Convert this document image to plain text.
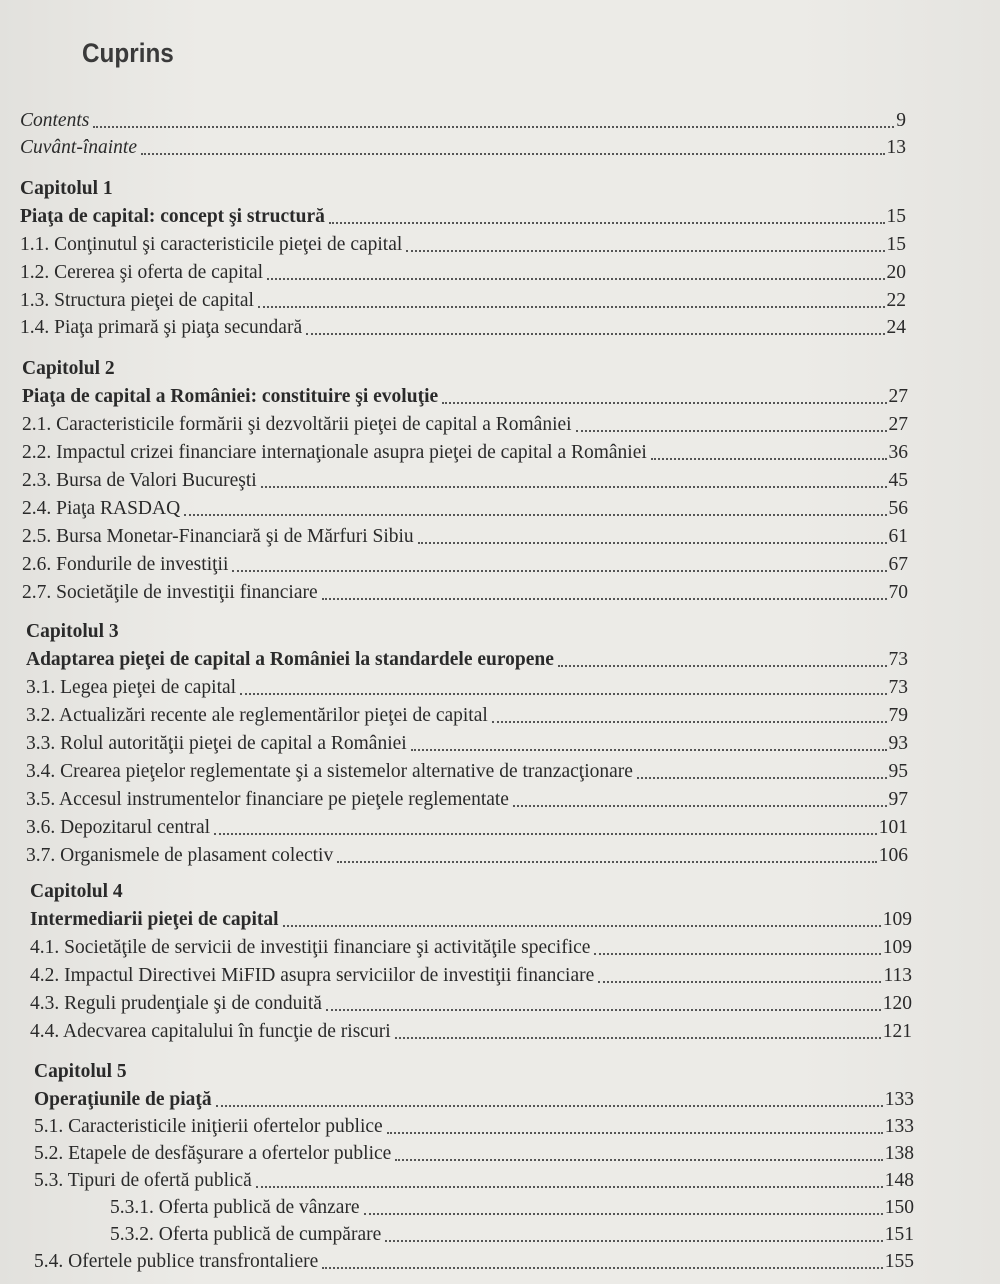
Cuprins
Contents	9
Cuvânt-înainte	13
Capitolul 1
Piaţa de capital: concept şi structură	15
1.1. Conţinutul şi caracteristicile pieţei de capital	15
1.2. Cererea şi oferta de capital	20
1.3. Structura pieţei de capital	22
1.4. Piaţa primară şi piaţa secundară	24
Capitolul 2
Piaţa de capital a României: constituire şi evoluţie	27
2.1. Caracteristicile formării şi dezvoltării pieţei de capital a României	27
2.2. Impactul crizei financiare internaţionale asupra pieţei de capital a României	36
2.3. Bursa de Valori Bucureşti	45
2.4. Piaţa RASDAQ	56
2.5. Bursa Monetar-Financiară şi de Mărfuri Sibiu	61
2.6. Fondurile de investiţii	67
2.7. Societăţile de investiţii financiare	70
Capitolul 3
Adaptarea pieţei de capital a României la standardele europene	73
3.1. Legea pieţei de capital	73
3.2. Actualizări recente ale reglementărilor pieţei de capital	79
3.3. Rolul autorităţii pieţei de capital a României	93
3.4. Crearea pieţelor reglementate şi a sistemelor alternative de tranzacţionare	95
3.5. Accesul instrumentelor financiare pe pieţele reglementate	97
3.6. Depozitarul central	101
3.7. Organismele de plasament colectiv	106
Capitolul 4
Intermediarii pieţei de capital	109
4.1. Societăţile de servicii de investiţii financiare şi activităţile specifice	109
4.2. Impactul Directivei MiFID asupra serviciilor de investiţii financiare	113
4.3. Reguli prudenţiale şi de conduită	120
4.4. Adecvarea capitalului în funcţie de riscuri	121
Capitolul 5
Operaţiunile de piaţă	133
5.1. Caracteristicile iniţierii ofertelor publice	133
5.2. Etapele de desfăşurare a ofertelor publice	138
5.3. Tipuri de ofertă publică	148
5.3.1. Oferta publică de vânzare	150
5.3.2. Oferta publică de cumpărare	151
5.4. Ofertele publice transfrontaliere	155
